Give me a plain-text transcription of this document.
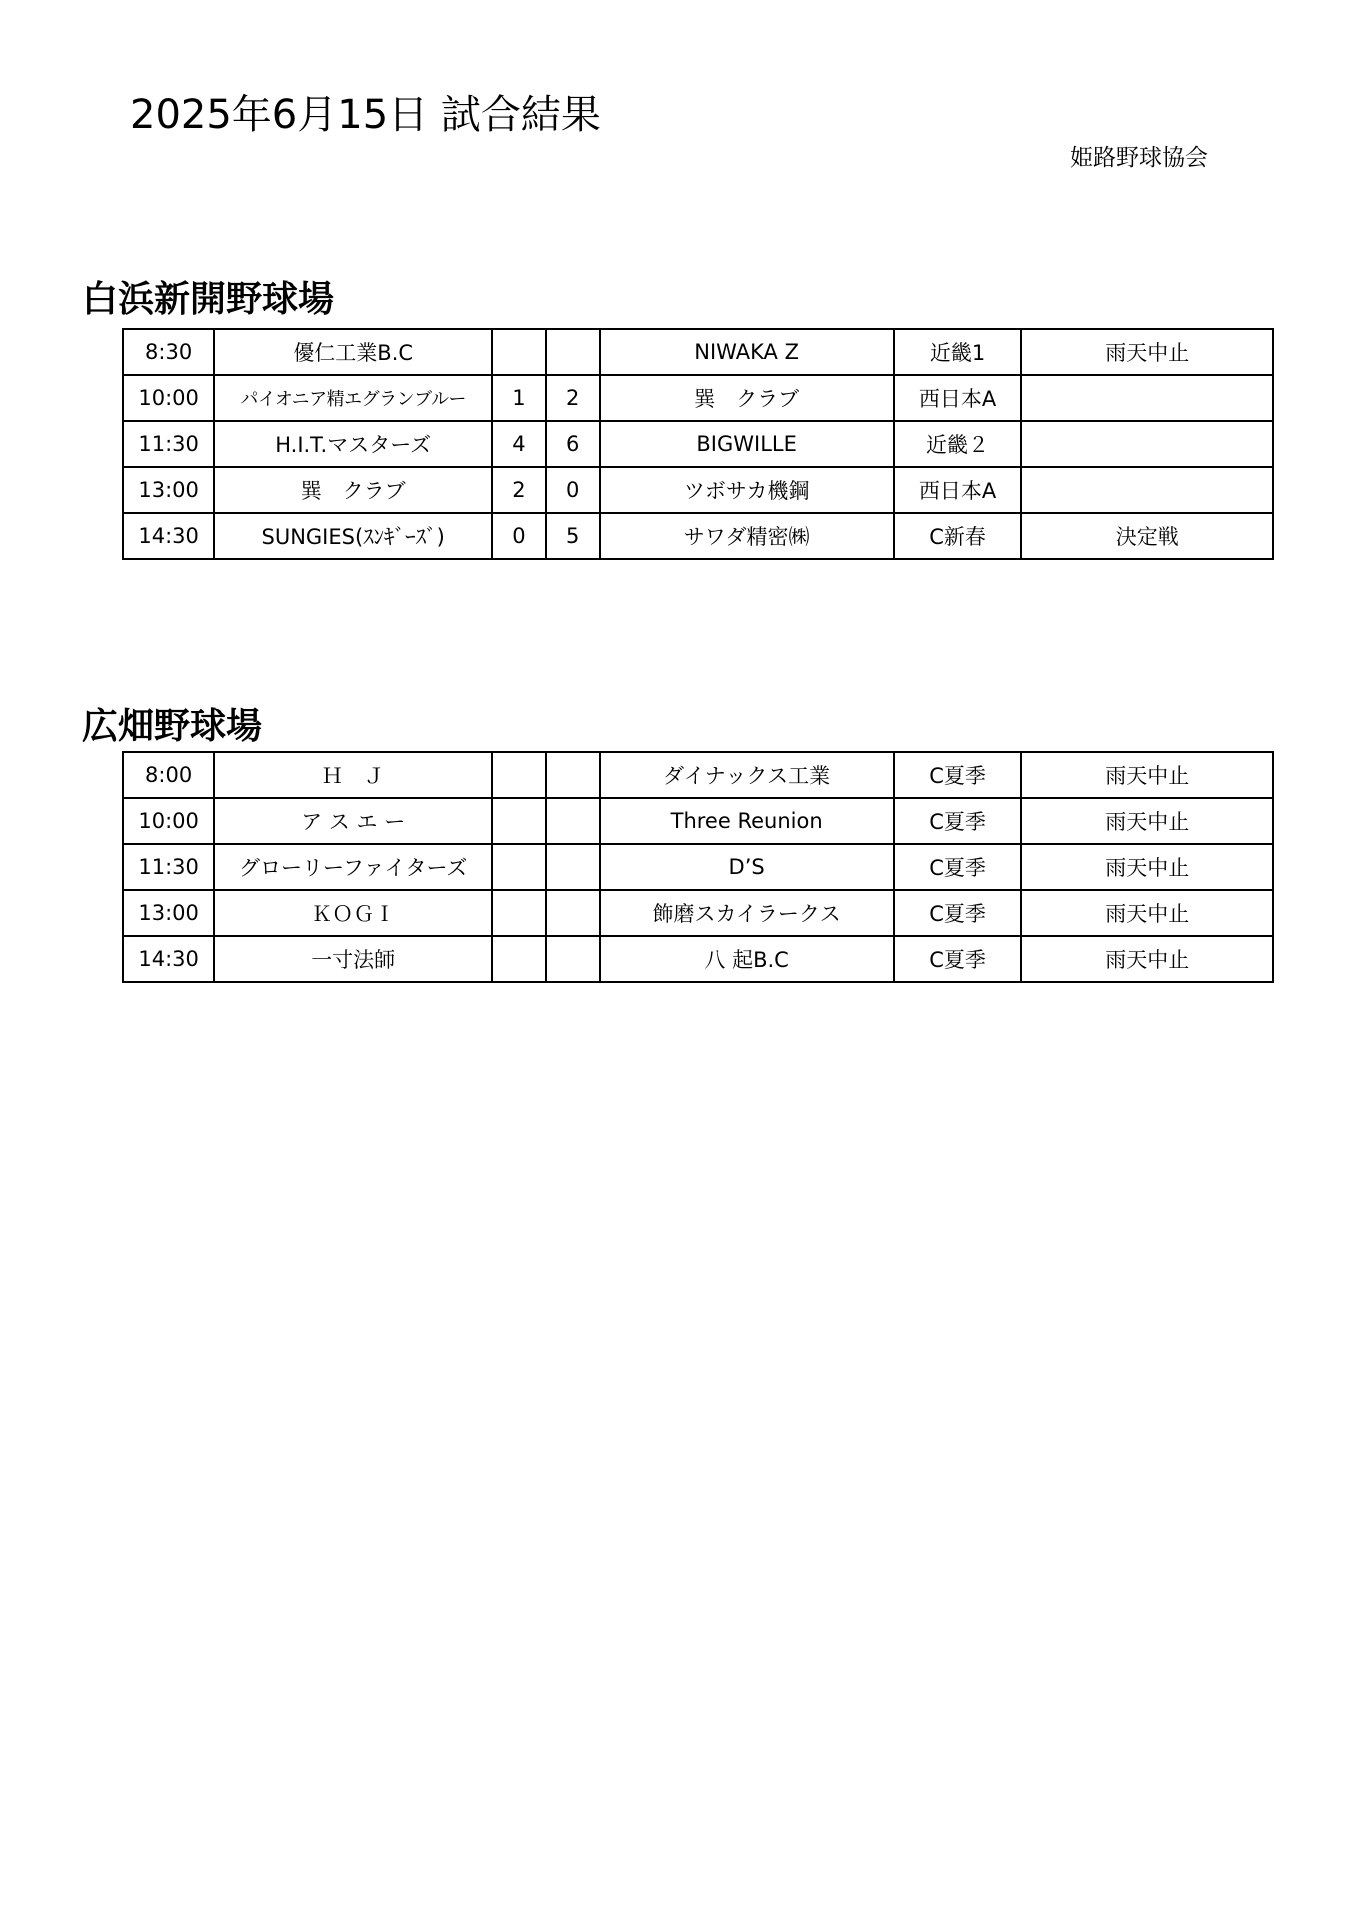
2025年6月15日 試合結果
姫路野球協会
白浜新開野球場
8:30	優仁工業B.C			NIWAKA Z	近畿1	雨天中止
10:00	パイオニア精エグランブルー	1	2	巽　クラブ	西日本A	
11:30	H.I.T.マスターズ	4	6	BIGWILLE	近畿２	
13:00	巽　クラブ	2	0	ツボサカ機鋼	西日本A	
14:30	SUNGIES(ｽﾝｷﾞｰｽﾞ)	0	5	サワダ精密㈱	C新春	決定戦
広畑野球場
8:00	Ｈ　Ｊ			ダイナックス工業	C夏季	雨天中止
10:00	ア ス エ ー			Three Reunion	C夏季	雨天中止
11:30	グローリーファイターズ			D’S	C夏季	雨天中止
13:00	ＫＯＧＩ			飾磨スカイラークス	C夏季	雨天中止
14:30	一寸法師			八 起B.C	C夏季	雨天中止
